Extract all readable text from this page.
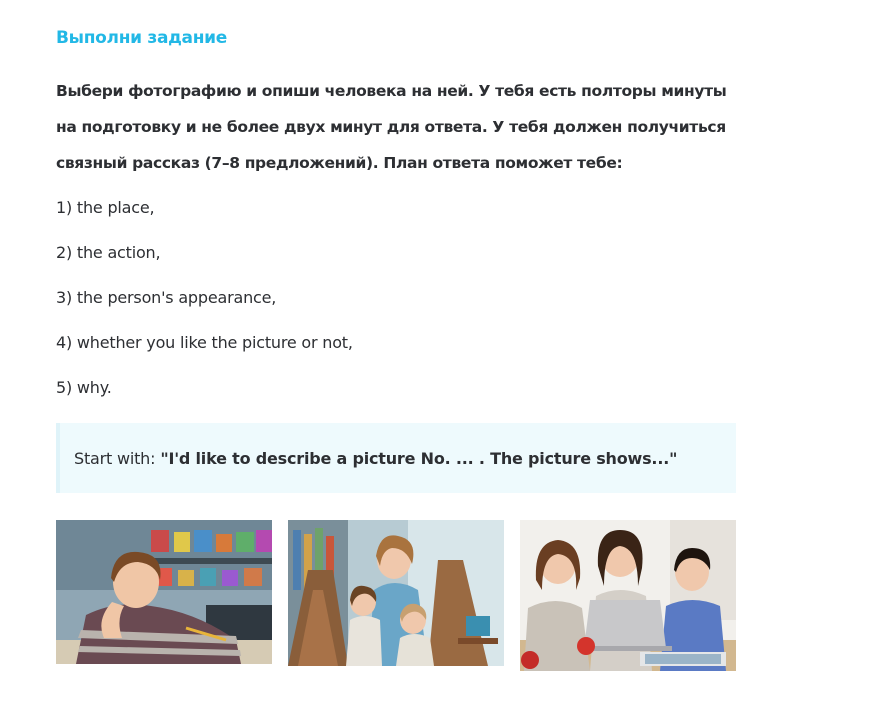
Выполни задание
Выбери фотографию и опиши человека на ней. У тебя есть полторы минуты на подготовку и не более двух минут для ответа. У тебя должен получиться связный рассказ (7–8 предложений). План ответа поможет тебе:
1) the place,
2) the action,
3) the person's appearance,
4) whether you like the picture or not,
5) why.
Start with: "I'd like to describe a picture No. ... . The picture shows..."
